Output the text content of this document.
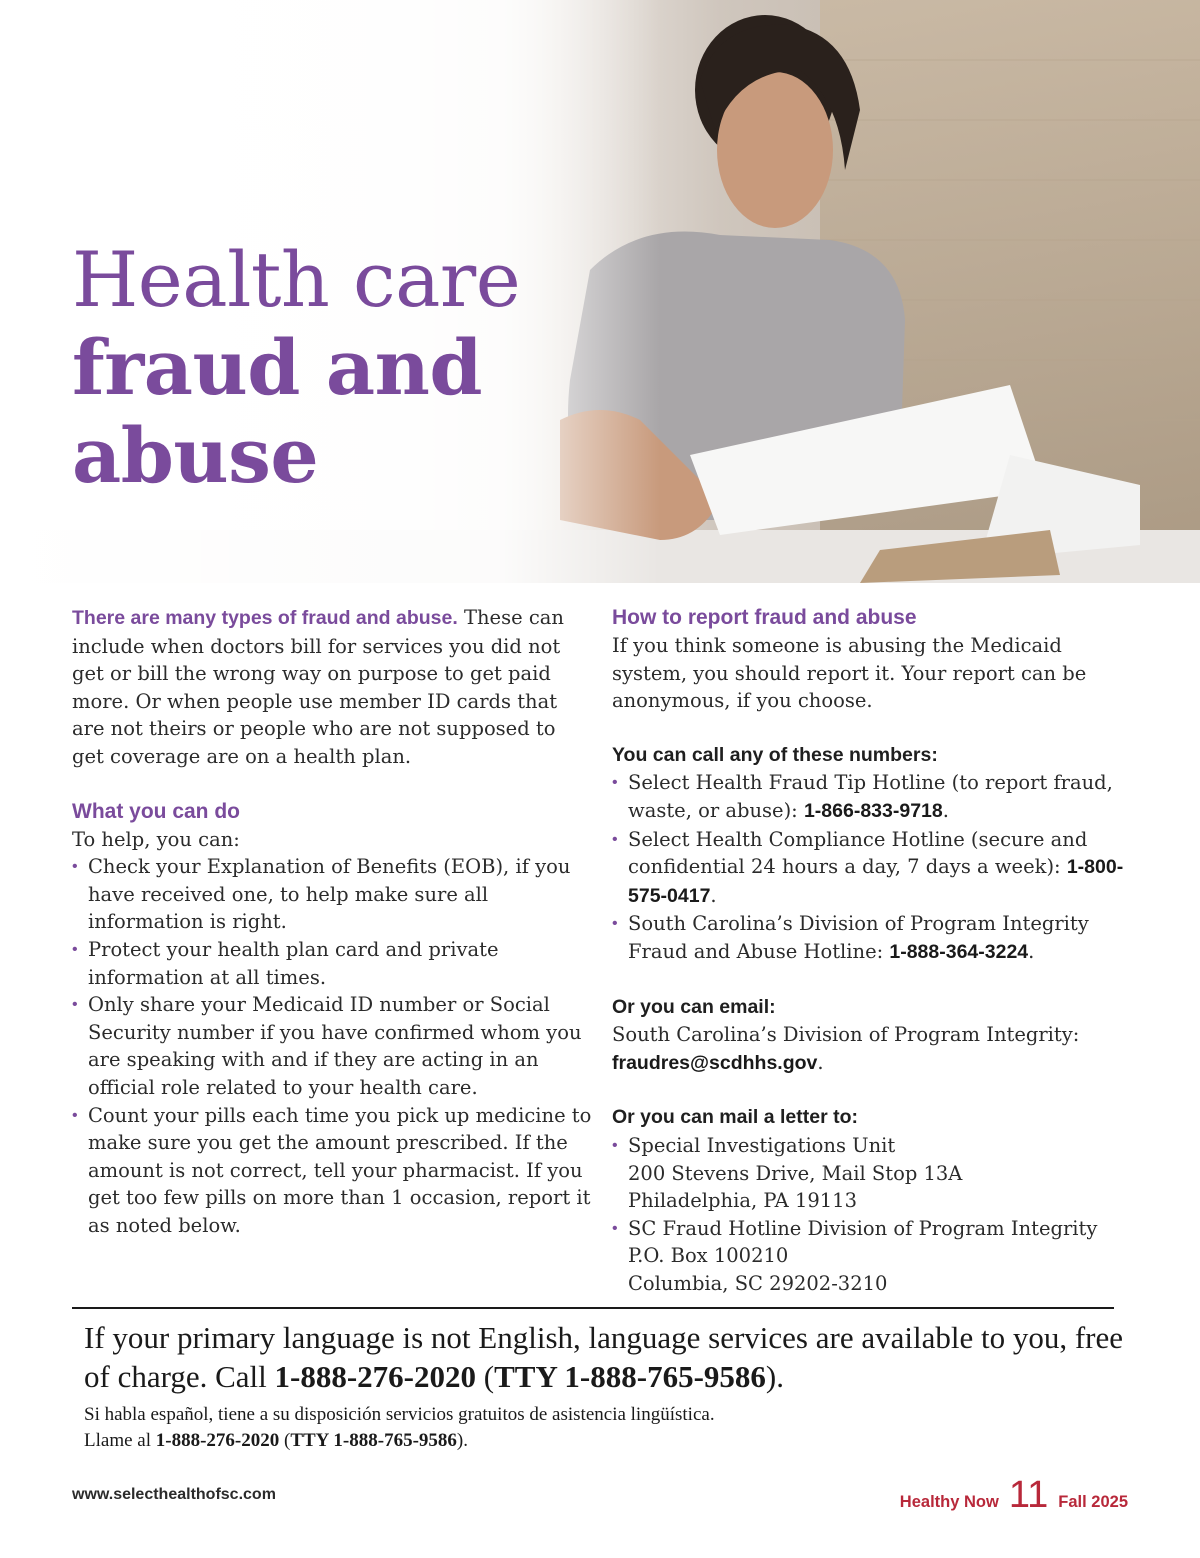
Health care
fraud and
abuse

There are many types of fraud and abuse. These can include when doctors bill for services you did not get or bill the wrong way on purpose to get paid more. Or when people use member ID cards that are not theirs or people who are not supposed to get coverage are on a health plan.

What you can do

To help, you can:

• Check your Explanation of Benefits (EOB), if you have received one, to help make sure all information is right.
• Protect your health plan card and private information at all times.
• Only share your Medicaid ID number or Social Security number if you have confirmed whom you are speaking with and if they are acting in an official role related to your health care.
• Count your pills each time you pick up medicine to make sure you get the amount prescribed. If the amount is not correct, tell your pharmacist. If you get too few pills on more than 1 occasion, report it as noted below.
How to report fraud and abuse

If you think someone is abusing the Medicaid system, you should report it. Your report can be anonymous, if you choose.

You can call any of these numbers:
• Select Health Fraud Tip Hotline (to report fraud, waste, or abuse): 1-866-833-9718.
• Select Health Compliance Hotline (secure and confidential 24 hours a day, 7 days a week): 1-800-575-0417.
• South Carolina’s Division of Program Integrity Fraud and Abuse Hotline: 1-888-364-3224.
Or you can email:

South Carolina’s Division of Program Integrity:

fraudres@scdhhs.gov.

Or you can mail a letter to:
• Special Investigations Unit
200 Stevens Drive, Mail Stop 13A
Philadelphia, PA 19113
• SC Fraud Hotline Division of Program Integrity
P.O. Box 100210
Columbia, SC 29202-3210
If your primary language is not English, language services are available to you, free of charge. Call 1-888-276-2020 (TTY 1-888-765-9586).
Si habla español, tiene a su disposición servicios gratuitos de asistencia lingüística.
Llame al 1-888-276-2020 (TTY 1-888-765-9586).
www.selecthealthofsc.com	Healthy Now 11 Fall 2025
